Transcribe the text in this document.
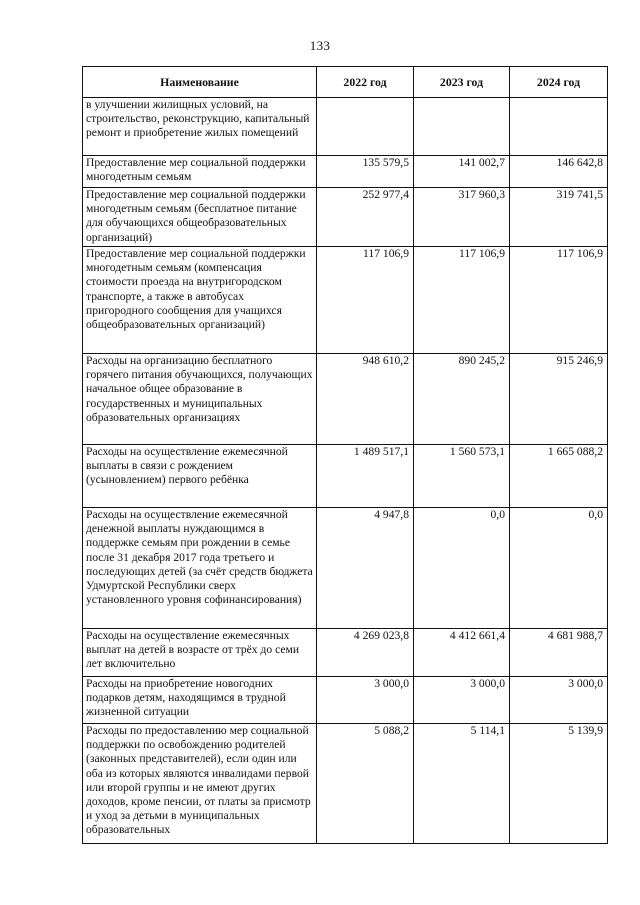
133
Наименование	2022 год	2023 год	2024 год
в улучшении жилищных условий, на строительство, реконструкцию, капитальный ремонт и приобретение жилых помещений			
Предоставление мер социальной поддержки многодетным семьям	135 579,5	141 002,7	146 642,8
Предоставление мер социальной поддержки многодетным семьям (бесплатное питание для обучающихся общеобразовательных организаций)	252 977,4	317 960,3	319 741,5
Предоставление мер социальной поддержки многодетным семьям (компенсация стоимости проезда на внутригородском транспорте, а также в автобусах пригородного сообщения для учащихся общеобразовательных организаций)	117 106,9	117 106,9	117 106,9
Расходы на организацию бесплатного горячего питания обучающихся, получающих начальное общее образование в государственных и муниципальных образовательных организациях	948 610,2	890 245,2	915 246,9
Расходы на осуществление ежемесячной выплаты в связи с рождением (усыновлением) первого ребёнка	1 489 517,1	1 560 573,1	1 665 088,2
Расходы на осуществление ежемесячной денежной выплаты нуждающимся в поддержке семьям при рождении в семье после 31 декабря 2017 года третьего и последующих детей (за счёт средств бюджета Удмуртской Республики сверх установленного уровня софинансирования)	4 947,8	0,0	0,0
Расходы на осуществление ежемесячных выплат на детей в возрасте от трёх до семи лет включительно	4 269 023,8	4 412 661,4	4 681 988,7
Расходы на приобретение новогодних подарков детям, находящимся в трудной жизненной ситуации	3 000,0	3 000,0	3 000,0
Расходы по предоставлению мер социальной поддержки по освобождению родителей (законных представителей), если один или оба из которых являются инвалидами первой или второй группы и не имеют других доходов, кроме пенсии, от платы за присмотр и уход за детьми в муниципальных образовательных	5 088,2	5 114,1	5 139,9
